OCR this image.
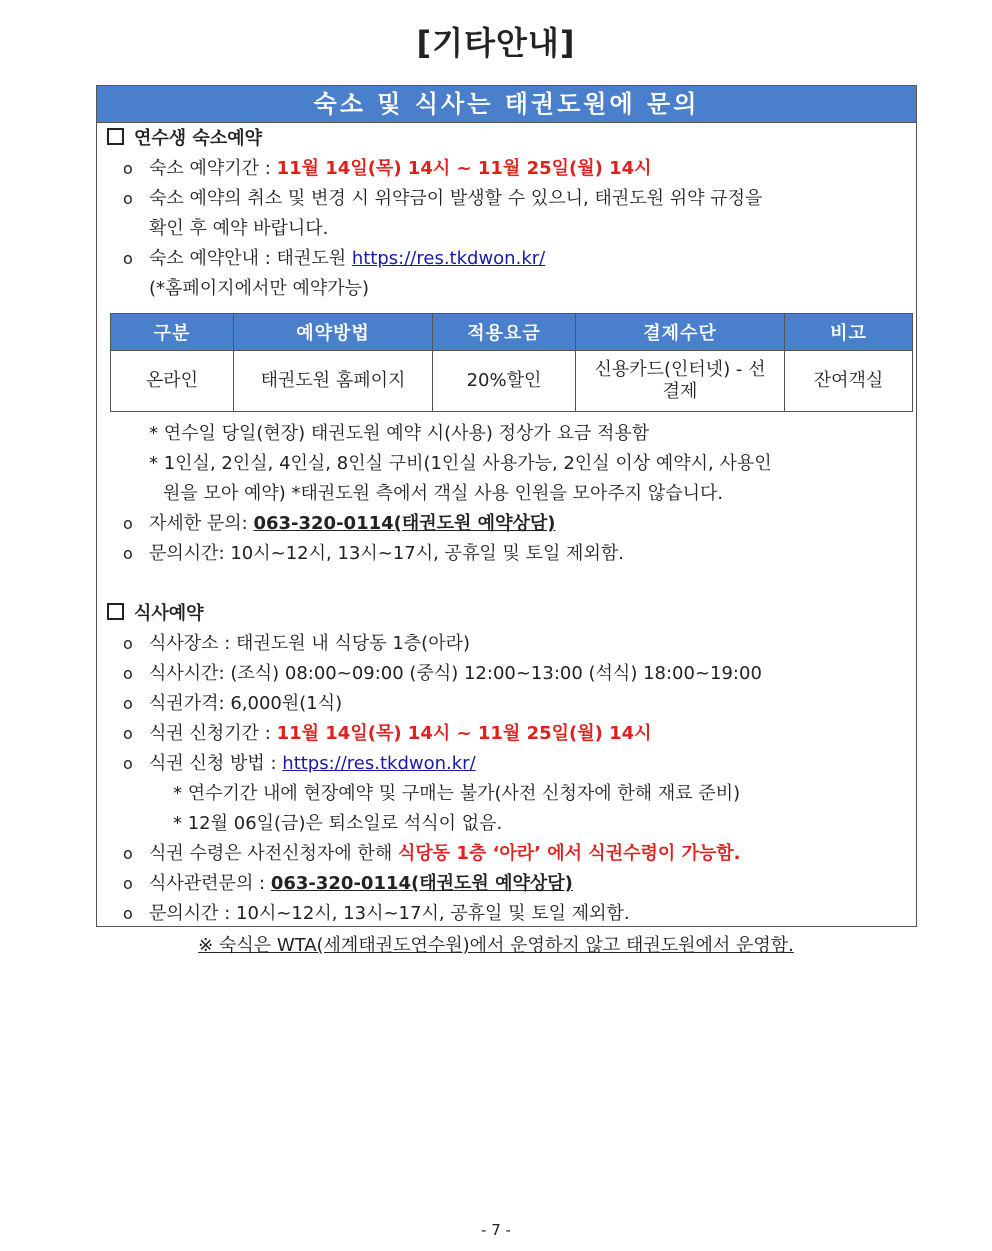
[기타안내]
숙소 및 식사는 태권도원에 문의
연수생 숙소예약
o 숙소 예약기간 : 11월 14일(목) 14시 ~ 11월 25일(월) 14시
o 숙소 예약의 취소 및 변경 시 위약금이 발생할 수 있으니, 태권도원 위약 규정을
확인 후 예약 바랍니다.
o 숙소 예약안내 : 태권도원 https://res.tkdwon.kr/
(*홈페이지에서만 예약가능)
구분	예약방법	적용요금	결제수단	비고
온라인	태권도원 홈페이지	20%할인	신용카드(인터넷) - 선결제	잔여객실
* 연수일 당일(현장) 태권도원 예약 시(사용) 정상가 요금 적용함
* 1인실, 2인실, 4인실, 8인실 구비(1인실 사용가능, 2인실 이상 예약시, 사용인
원을 모아 예약) *태권도원 측에서 객실 사용 인원을 모아주지 않습니다.
o 자세한 문의: 063-320-0114(태권도원 예약상담)
o 문의시간: 10시~12시, 13시~17시, 공휴일 및 토일 제외함.
식사예약
o 식사장소 : 태권도원 내 식당동 1층(아라)
o 식사시간: (조식) 08:00~09:00 (중식) 12:00~13:00 (석식) 18:00~19:00
o 식권가격: 6,000원(1식)
o 식권 신청기간 : 11월 14일(목) 14시 ~ 11월 25일(월) 14시
o 식권 신청 방법 : https://res.tkdwon.kr/
* 연수기간 내에 현장예약 및 구매는 불가(사전 신청자에 한해 재료 준비)
* 12월 06일(금)은 퇴소일로 석식이 없음.
o 식권 수령은 사전신청자에 한해 식당동 1층 ‘아라’ 에서 식권수령이 가능함.
o 식사관련문의 : 063-320-0114(태권도원 예약상담)
o 문의시간 : 10시~12시, 13시~17시, 공휴일 및 토일 제외함.
※ 숙식은 WTA(세계태권도연수원)에서 운영하지 않고 태권도원에서 운영함.
- 7 -
